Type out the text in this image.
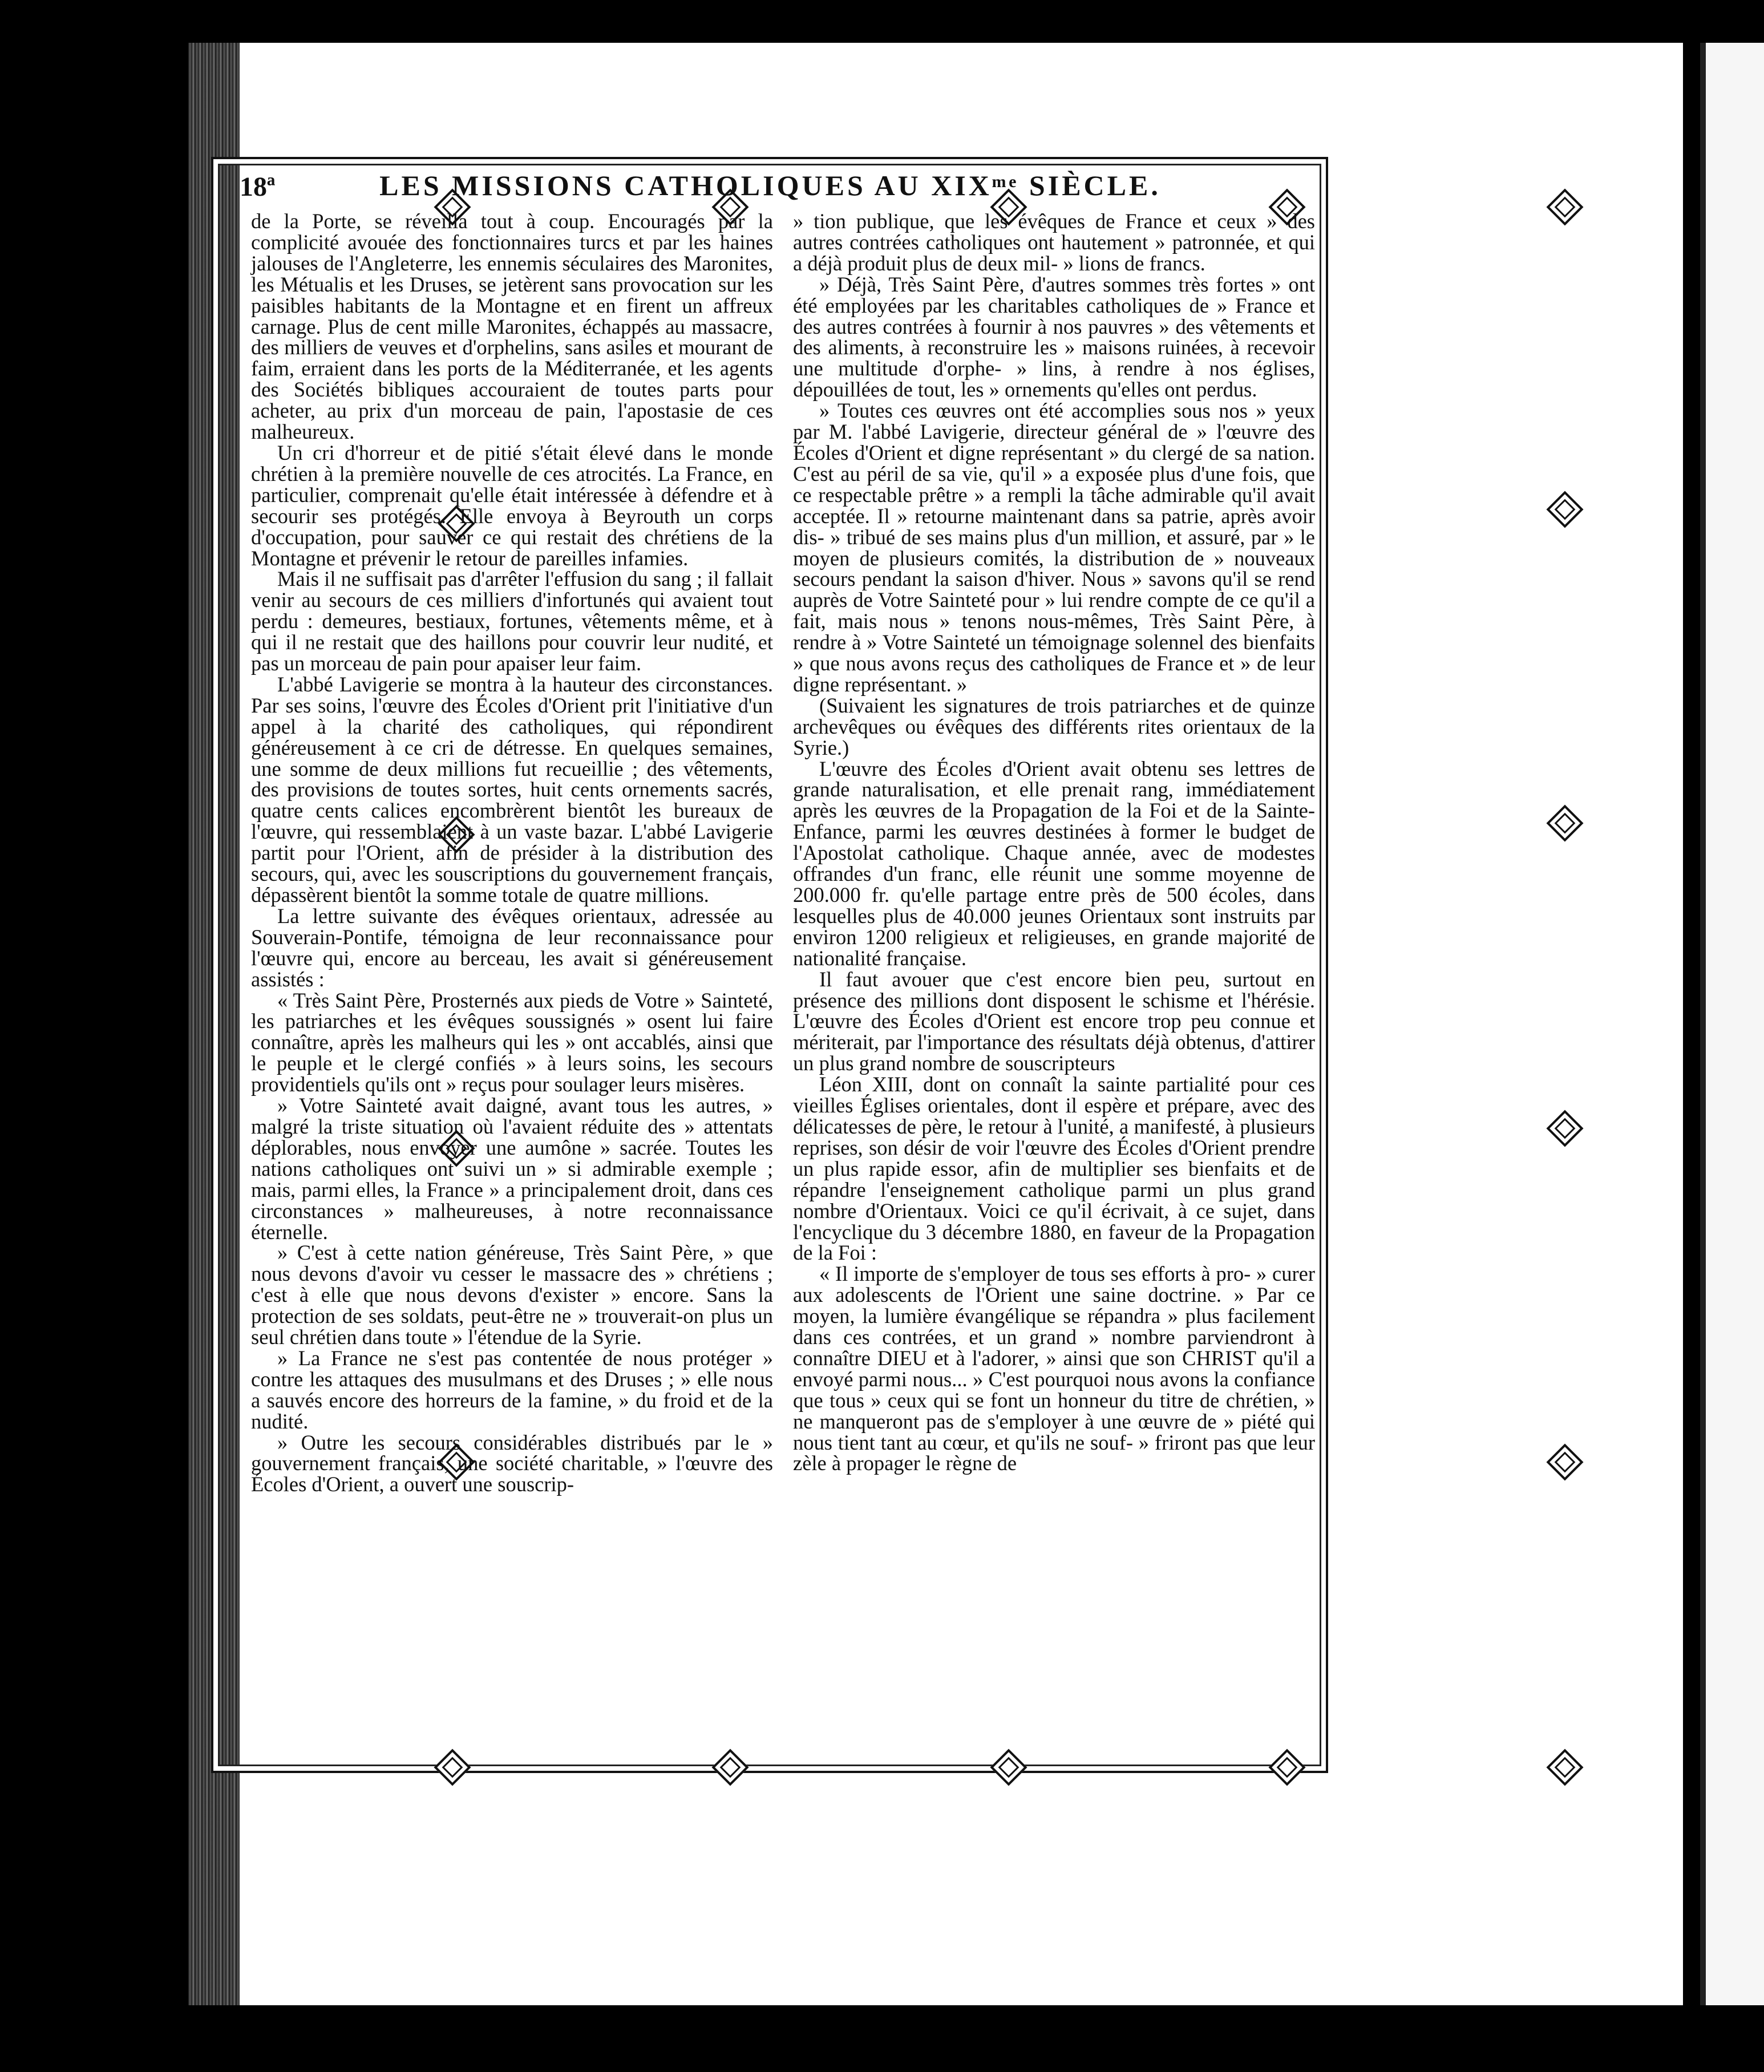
18ª	LES MISSIONS CATHOLIQUES AU XIXᵐᵉ SIÈCLE.

de la Porte, se réveilla tout à coup. Encouragés par la complicité avouée des fonctionnaires turcs et par les haines jalouses de l'Angleterre, les ennemis séculaires des Maronites, les Métualis et les Druses, se jetèrent sans provocation sur les paisibles habitants de la Montagne et en firent un affreux carnage. Plus de cent mille Maronites, échappés au massacre, des milliers de veuves et d'orphelins, sans asiles et mourant de faim, erraient dans les ports de la Méditerranée, et les agents des Sociétés bibliques accouraient de toutes parts pour acheter, au prix d'un morceau de pain, l'apostasie de ces malheureux.

Un cri d'horreur et de pitié s'était élevé dans le monde chrétien à la première nouvelle de ces atrocités. La France, en particulier, comprenait qu'elle était intéressée à défendre et à secourir ses protégés. Elle envoya à Beyrouth un corps d'occupation, pour sauver ce qui restait des chrétiens de la Montagne et prévenir le retour de pareilles infamies.

Mais il ne suffisait pas d'arrêter l'effusion du sang ; il fallait venir au secours de ces milliers d'infortunés qui avaient tout perdu : demeures, bestiaux, fortunes, vêtements même, et à qui il ne restait que des haillons pour couvrir leur nudité, et pas un morceau de pain pour apaiser leur faim.

L'abbé Lavigerie se montra à la hauteur des circonstances. Par ses soins, l'œuvre des Écoles d'Orient prit l'initiative d'un appel à la charité des catholiques, qui répondirent généreusement à ce cri de détresse. En quelques semaines, une somme de deux millions fut recueillie ; des vêtements, des provisions de toutes sortes, huit cents ornements sacrés, quatre cents calices encombrèrent bientôt les bureaux de l'œuvre, qui ressemblaient à un vaste bazar. L'abbé Lavigerie partit pour l'Orient, afin de présider à la distribution des secours, qui, avec les souscriptions du gouvernement français, dépassèrent bientôt la somme totale de quatre millions.

La lettre suivante des évêques orientaux, adressée au Souverain-Pontife, témoigna de leur reconnaissance pour l'œuvre qui, encore au berceau, les avait si généreusement assistés :

« Très Saint Père, Prosternés aux pieds de Votre » Sainteté, les patriarches et les évêques soussignés » osent lui faire connaître, après les malheurs qui les » ont accablés, ainsi que le peuple et le clergé confiés » à leurs soins, les secours providentiels qu'ils ont » reçus pour soulager leurs misères.

» Votre Sainteté avait daigné, avant tous les autres, » malgré la triste situation où l'avaient réduite des » attentats déplorables, nous envoyer une aumône » sacrée. Toutes les nations catholiques ont suivi un » si admirable exemple ; mais, parmi elles, la France » a principalement droit, dans ces circonstances » malheureuses, à notre reconnaissance éternelle.

» C'est à cette nation généreuse, Très Saint Père, » que nous devons d'avoir vu cesser le massacre des » chrétiens ; c'est à elle que nous devons d'exister » encore. Sans la protection de ses soldats, peut-être ne » trouverait-on plus un seul chrétien dans toute » l'étendue de la Syrie.

» La France ne s'est pas contentée de nous protéger » contre les attaques des musulmans et des Druses ; » elle nous a sauvés encore des horreurs de la famine, » du froid et de la nudité.

» Outre les secours considérables distribués par le » gouvernement français, une société charitable, » l'œuvre des Écoles d'Orient, a ouvert une souscrip-

» tion publique, que les évêques de France et ceux » des autres contrées catholiques ont hautement » patronnée, et qui a déjà produit plus de deux mil- » lions de francs.

» Déjà, Très Saint Père, d'autres sommes très fortes » ont été employées par les charitables catholiques de » France et des autres contrées à fournir à nos pauvres » des vêtements et des aliments, à reconstruire les » maisons ruinées, à recevoir une multitude d'orphe- » lins, à rendre à nos églises, dépouillées de tout, les » ornements qu'elles ont perdus.

» Toutes ces œuvres ont été accomplies sous nos » yeux par M. l'abbé Lavigerie, directeur général de » l'œuvre des Écoles d'Orient et digne représentant » du clergé de sa nation. C'est au péril de sa vie, qu'il » a exposée plus d'une fois, que ce respectable prêtre » a rempli la tâche admirable qu'il avait acceptée. Il » retourne maintenant dans sa patrie, après avoir dis- » tribué de ses mains plus d'un million, et assuré, par » le moyen de plusieurs comités, la distribution de » nouveaux secours pendant la saison d'hiver. Nous » savons qu'il se rend auprès de Votre Sainteté pour » lui rendre compte de ce qu'il a fait, mais nous » tenons nous-mêmes, Très Saint Père, à rendre à » Votre Sainteté un témoignage solennel des bienfaits » que nous avons reçus des catholiques de France et » de leur digne représentant. »

(Suivaient les signatures de trois patriarches et de quinze archevêques ou évêques des différents rites orientaux de la Syrie.)

L'œuvre des Écoles d'Orient avait obtenu ses lettres de grande naturalisation, et elle prenait rang, immédiatement après les œuvres de la Propagation de la Foi et de la Sainte-Enfance, parmi les œuvres destinées à former le budget de l'Apostolat catholique. Chaque année, avec de modestes offrandes d'un franc, elle réunit une somme moyenne de 200.000 fr. qu'elle partage entre près de 500 écoles, dans lesquelles plus de 40.000 jeunes Orientaux sont instruits par environ 1200 religieux et religieuses, en grande majorité de nationalité française.

Il faut avouer que c'est encore bien peu, surtout en présence des millions dont disposent le schisme et l'hérésie. L'œuvre des Écoles d'Orient est encore trop peu connue et mériterait, par l'importance des résultats déjà obtenus, d'attirer un plus grand nombre de souscripteurs

Léon XIII, dont on connaît la sainte partialité pour ces vieilles Églises orientales, dont il espère et prépare, avec des délicatesses de père, le retour à l'unité, a manifesté, à plusieurs reprises, son désir de voir l'œuvre des Écoles d'Orient prendre un plus rapide essor, afin de multiplier ses bienfaits et de répandre l'enseignement catholique parmi un plus grand nombre d'Orientaux. Voici ce qu'il écrivait, à ce sujet, dans l'encyclique du 3 décembre 1880, en faveur de la Propagation de la Foi :

« Il importe de s'employer de tous ses efforts à pro- » curer aux adolescents de l'Orient une saine doctrine. » Par ce moyen, la lumière évangélique se répandra » plus facilement dans ces contrées, et un grand » nombre parviendront à connaître DIEU et à l'adorer, » ainsi que son CHRIST qu'il a envoyé parmi nous... » C'est pourquoi nous avons la confiance que tous » ceux qui se font un honneur du titre de chrétien, » ne manqueront pas de s'employer à une œuvre de » piété qui nous tient tant au cœur, et qu'ils ne souf- » friront pas que leur zèle à propager le règne de
